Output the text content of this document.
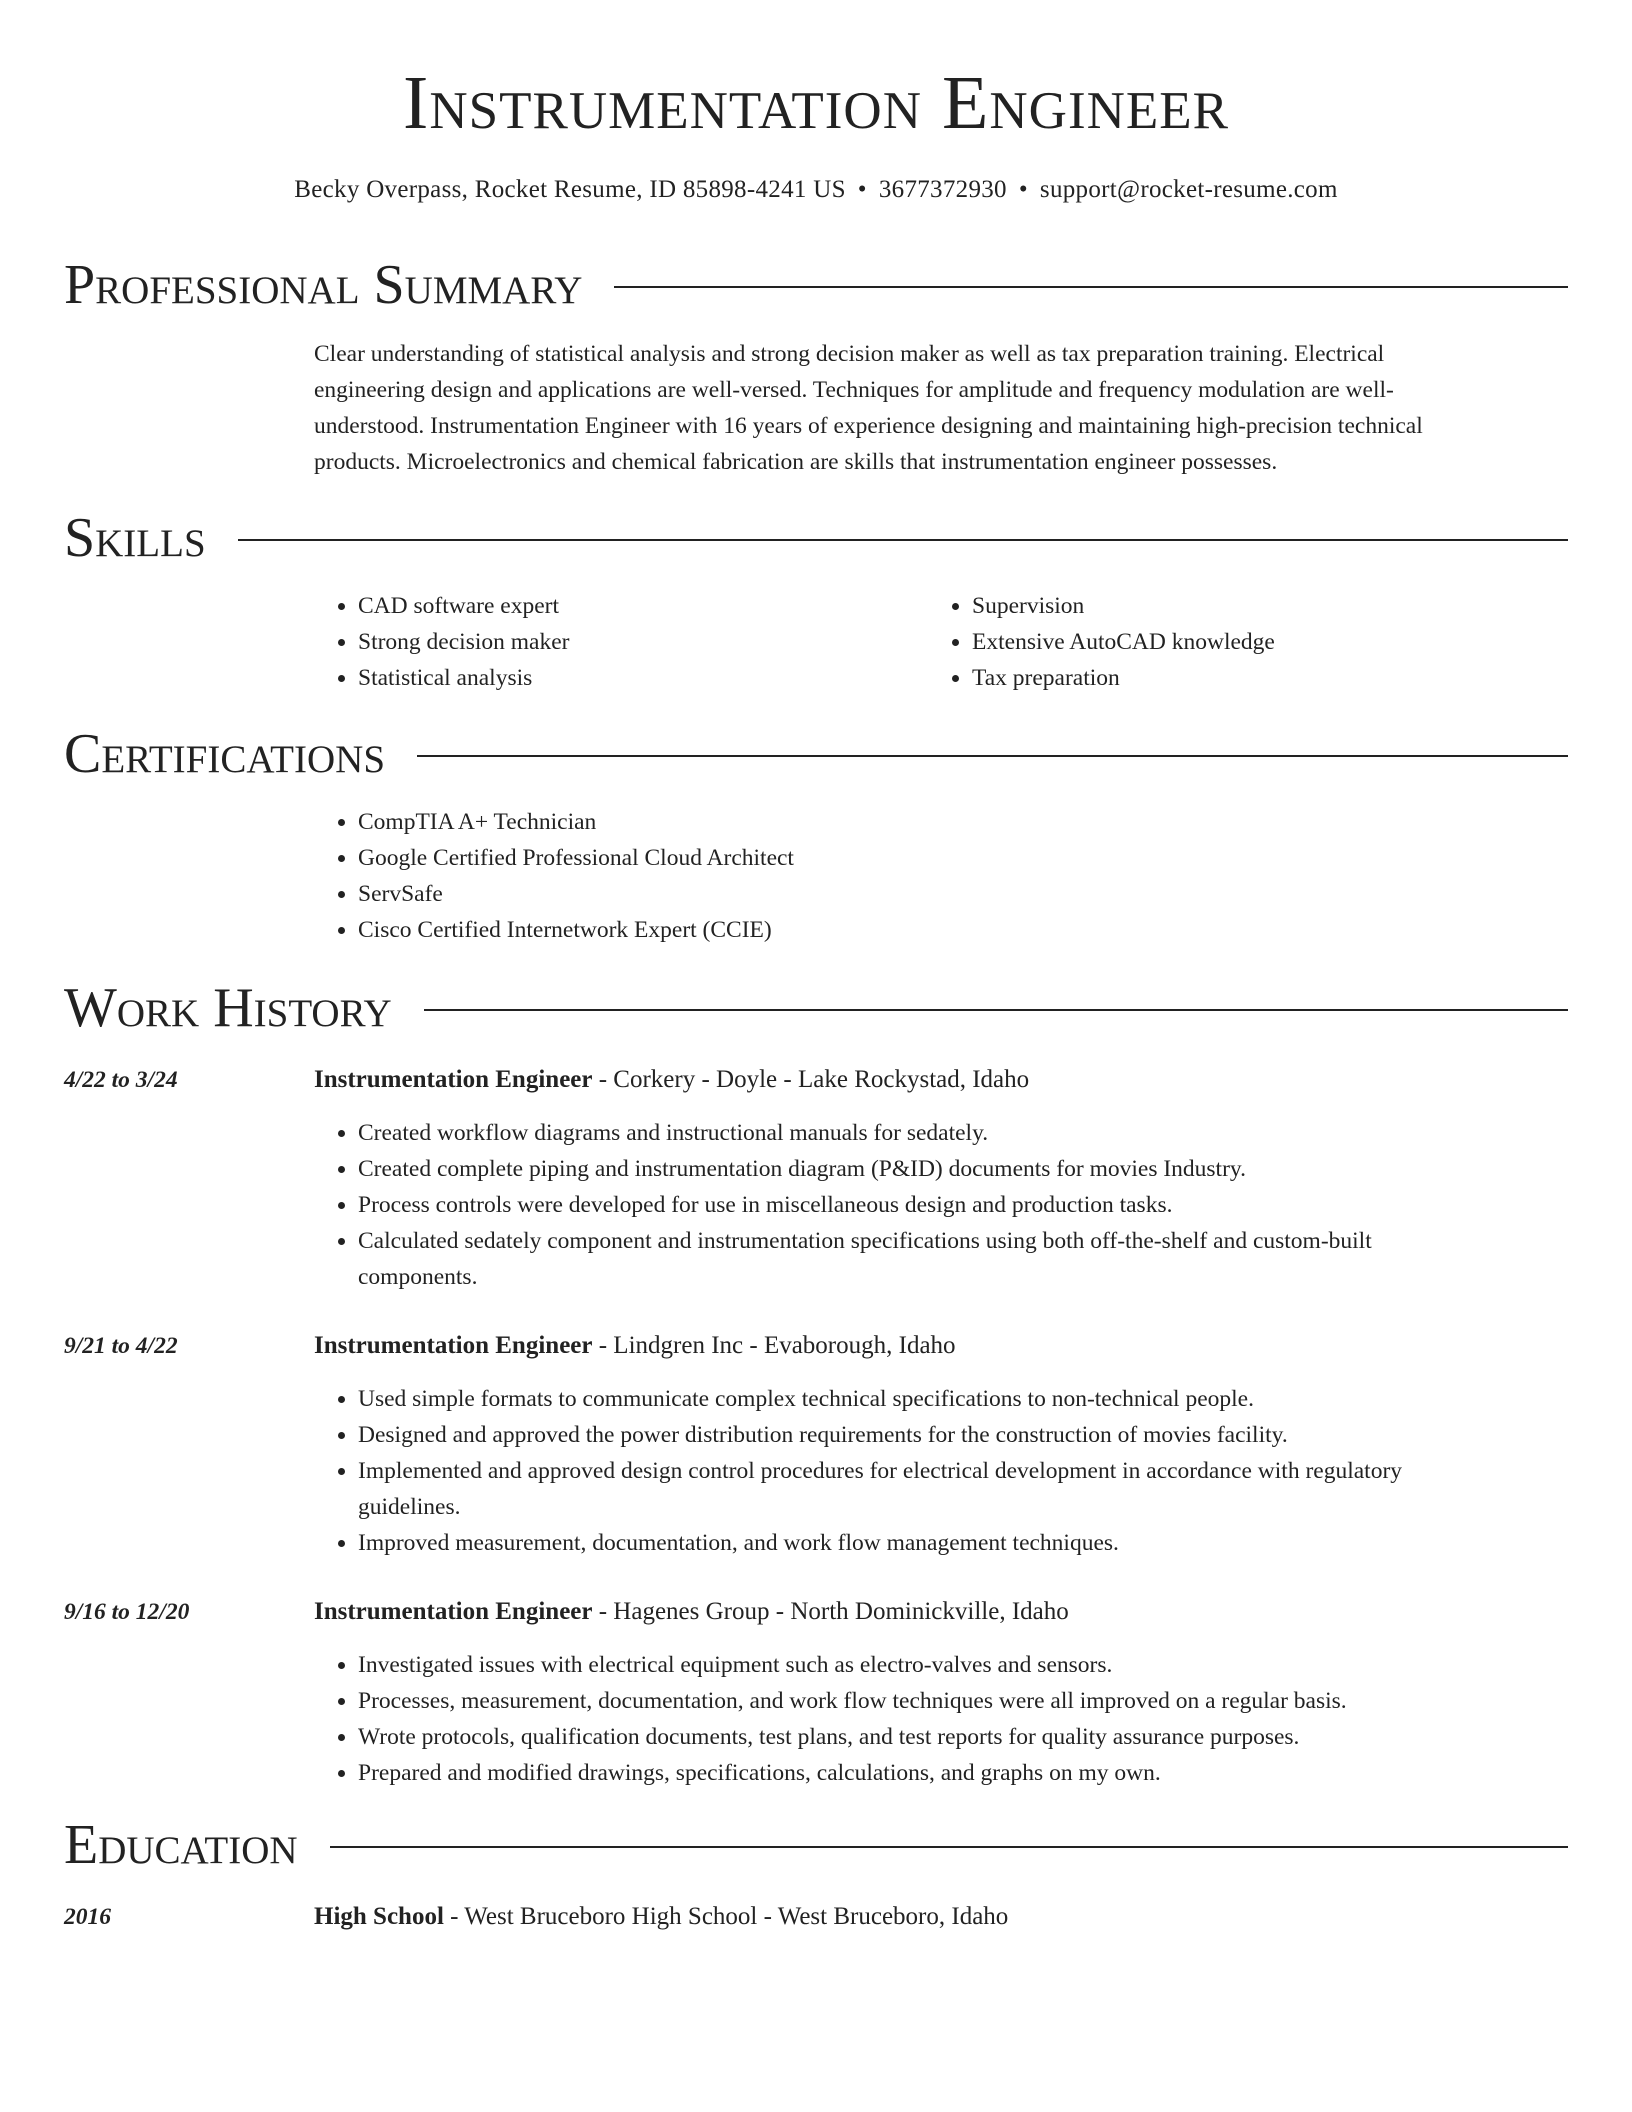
Instrumentation Engineer
Becky Overpass, Rocket Resume, ID 85898-4241 US • 3677372930 • support@rocket-resume.com
Professional Summary

Clear understanding of statistical analysis and strong decision maker as well as tax preparation training. Electrical engineering design and applications are well-versed. Techniques for amplitude and frequency modulation are well-understood. Instrumentation Engineer with 16 years of experience designing and maintaining high-precision technical products. Microelectronics and chemical fabrication are skills that instrumentation engineer possesses.

Skills
• CAD software expert
• Strong decision maker
• Statistical analysis
• Supervision
• Extensive AutoCAD knowledge
• Tax preparation
Certifications
• CompTIA A+ Technician
• Google Certified Professional Cloud Architect
• ServSafe
• Cisco Certified Internetwork Expert (CCIE)
Work History
4/22 to 3/24	Instrumentation Engineer - Corkery - Doyle - Lake Rockystad, Idaho
• Created workflow diagrams and instructional manuals for sedately.
• Created complete piping and instrumentation diagram (P&ID) documents for movies Industry.
• Process controls were developed for use in miscellaneous design and production tasks.
• Calculated sedately component and instrumentation specifications using both off-the-shelf and custom-built components.
9/21 to 4/22	Instrumentation Engineer - Lindgren Inc - Evaborough, Idaho
• Used simple formats to communicate complex technical specifications to non-technical people.
• Designed and approved the power distribution requirements for the construction of movies facility.
• Implemented and approved design control procedures for electrical development in accordance with regulatory guidelines.
• Improved measurement, documentation, and work flow management techniques.
9/16 to 12/20	Instrumentation Engineer - Hagenes Group - North Dominickville, Idaho
• Investigated issues with electrical equipment such as electro-valves and sensors.
• Processes, measurement, documentation, and work flow techniques were all improved on a regular basis.
• Wrote protocols, qualification documents, test plans, and test reports for quality assurance purposes.
• Prepared and modified drawings, specifications, calculations, and graphs on my own.
Education
2016	High School - West Bruceboro High School - West Bruceboro, Idaho
